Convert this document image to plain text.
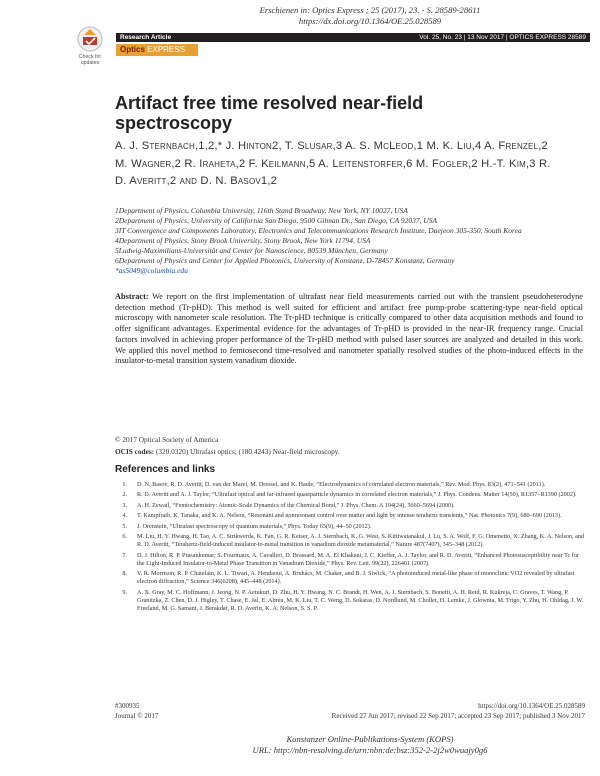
Erschienen in: Optics Express ; 25 (2017), 23. - S. 28589-28611
https://dx.doi.org/10.1364/OE.25.028589
Check for
updates
Research Article	Vol. 25, No. 23 | 13 Nov 2017 | OPTICS EXPRESS 28589
Optics EXPRESS
Artifact free time resolved near-field spectroscopy
A. J. Sternbach,1,2,* J. Hinton2, T. Slusar,3 A. S. McLeod,1 M. K. Liu,4 A. Frenzel,2 M. Wagner,2 R. Iraheta,2 F. Keilmann,5 A. Leitenstorfer,6 M. Fogler,2 H.-T. Kim,3 R. D. Averitt,2 and D. N. Basov1,2
1Department of Physics, Columbia University, 116th Stand Broadway, New York, NY 10027, USA
2Department of Physics, University of California San Diego, 9500 Gilman Dr., San Diego, CA 92037, USA
3IT Convergence and Components Laboratory, Electronics and Telecommunications Research Institute, Daejeon 305-350, South Korea
4Department of Physics, Stony Brook University, Stony Brook, New York 11794, USA
5Ludwig-Maximilians-Universität and Center for Nanoscience, 80539 München, Germany
6Department of Physics and Center for Applied Photonics, University of Konstanz, D-78457 Konstanz, Germany
*as5049@columbia.edu
Abstract: We report on the first implementation of ultrafast near field measurements carried out with the transient pseudoheterodyne detection method (Tr-pHD). This method is well suited for efficient and artifact free pump-probe scattering-type near-field optical microscopy with nanometer scale resolution. The Tr-pHD technique is critically compared to other data acquisition methods and found to offer significant advantages. Experimental evidence for the advantages of Tr-pHD is provided in the near-IR frequency range. Crucial factors involved in achieving proper performance of the Tr-pHD method with pulsed laser sources are analyzed and detailed in this work. We applied this novel method to femtosecond time-resolved and nanometer spatially resolved studies of the photo-induced effects in the insulator-to-metal transition system vanadium dioxide.
© 2017 Optical Society of America
OCIS codes: (320.0320) Ultrafast optics; (180.4243) Near-field microscopy.
References and links
1. D. N. Basov, R. D. Averitt, D. van der Marel, M. Dressel, and K. Haule, “Electrodynamics of correlated electron materials,” Rev. Mod. Phys. 83(2), 471–541 (2011).
2. R. D. Averitt and A. J. Taylor, “Ultrafast optical and far-infrared quasiparticle dynamics in correlated electron materials,” J. Phys. Condens. Matter 14(50), R1357–R1390 (2002).
3. A. H. Zewail, “Femtochemistry: Atomic-Scale Dynamics of the Chemical Bond,” J. Phys. Chem. A 104(24), 5660–5694 (2000).
4. T. Kampfrath, K. Tanaka, and K. A. Nelson, “Resonant and nonresonant control over matter and light by intense terahertz transients,” Nat. Photonics 7(9), 680–690 (2013).
5. J. Orenstein, “Ultrafast spectroscopy of quantum materials,” Phys. Today 65(9), 44–50 (2012).
6. M. Liu, H. Y. Hwang, H. Tao, A. C. Strikwerda, K. Fan, G. R. Keiser, A. J. Sternbach, K. G. West, S. Kittiwatanakul, J. Lu, S. A. Wolf, F. G. Omenetto, X. Zhang, K. A. Nelson, and R. D. Averitt, “Terahertz-field-induced insulator-to-metal transition in vanadium dioxide metamaterial,” Nature 487(7407), 345–348 (2012).
7. D. J. Hilton, R. P. Prasankumar, S. Fourmaux, A. Cavalleri, D. Brassard, M. A. El Khakani, J. C. Kieffer, A. J. Taylor, and R. D. Averitt, “Enhanced Photosusceptibility near Tc for the Light-Induced Insulator-to-Metal Phase Transition in Vanadium Dioxide,” Phys. Rev. Lett. 99(22), 226401 (2007).
8. V. R. Morrison, R. P. Chatelain, K. L. Tiwari, A. Hendaoui, A. Bruhács, M. Chaker, and B. J. Siwick, “A photoinduced metal-like phase of monoclinic VO2 revealed by ultrafast electron diffraction,” Science 346(6208), 445–448 (2014).
9. A. X. Gray, M. C. Hoffmann, J. Jeong, N. P. Aetukuri, D. Zhu, H. Y. Hwang, N. C. Brandt, H. Wen, A. J. Sternbach, S. Bonetti, A. H. Reid, R. Kukreja, C. Graves, T. Wang, P. Granitzka, Z. Chen, D. J. Higley, T. Chase, E. Jal, E. Abreu, M. K. Liu, T. C. Weng, D. Sokaras, D. Nordlund, M. Chollet, H. Lemke, J. Glownia, M. Trigo, Y. Zhu, H. Ohldag, J. W. Freeland, M. G. Samant, J. Berakdar, R. D. Averitt, K. A. Nelson, S. S. P.
#300935
Journal © 2017
https://doi.org/10.1364/OE.25.028589
Received 27 Jun 2017; revised 22 Sep 2017; accepted 23 Sep 2017; published 3 Nov 2017
Konstanzer Online-Publikations-System (KOPS)
URL: http://nbn-resolving.de/urn:nbn:de:bsz:352-2-2j2w0wuajy0g6
